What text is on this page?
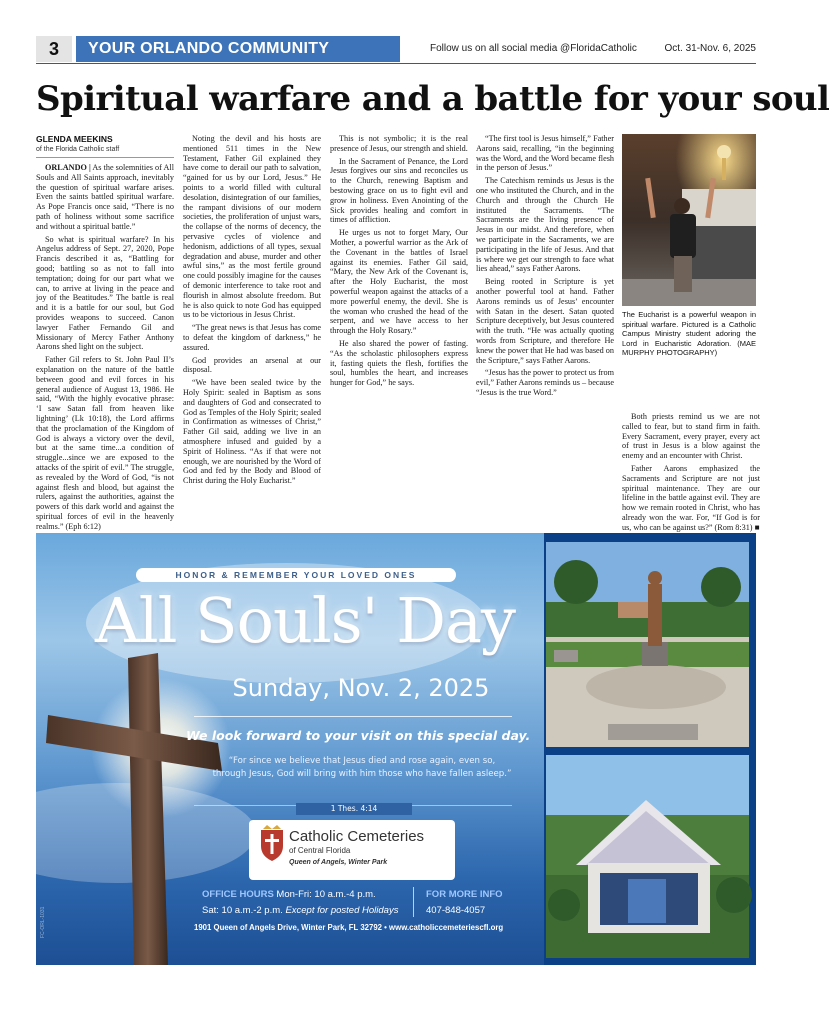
3	YOUR ORLANDO COMMUNITY	Follow us on all social media @FloridaCatholic	Oct. 31-Nov. 6, 2025
Spiritual warfare and a battle for your soul
GLENDA MEEKINS
of the Florida Catholic staff

ORLANDO | As the solemnities of All Souls and All Saints approach, inevitably the question of spiritual warfare arises. Even the saints battled spiritual warfare. As Pope Francis once said, “There is no path of holiness without some sacrifice and without a spiritual battle.”

So what is spiritual warfare? In his Angelus address of Sept. 27, 2020, Pope Francis described it as, “Battling for good; battling so as not to fall into temptation; doing for our part what we can, to arrive at living in the peace and joy of the Beatitudes.” The battle is real and it is a battle for our soul, but God provides weapons to succeed. Canon lawyer Father Fernando Gil and Missionary of Mercy Father Anthony Aarons shed light on the subject.

Father Gil refers to St. John Paul II’s explanation on the nature of the battle between good and evil forces in his general audience of August 13, 1986. He said, “With the highly evocative phrase: ‘I saw Satan fall from heaven like lightning’ (Lk 10:18), the Lord affirms that the proclamation of the Kingdom of God is always a victory over the devil, but at the same time...a condition of struggle...since we are exposed to the attacks of the spirit of evil.” The struggle, as revealed by the Word of God, “is not against flesh and blood, but against the rulers, against the authorities, against the powers of this dark world and against the spiritual forces of evil in the heavenly realms.” (Eph 6:12)

Noting the devil and his hosts are mentioned 511 times in the New Testament, Father Gil explained they have come to derail our path to salvation, “gained for us by our Lord, Jesus.” He points to a world filled with cultural desolation, disintegration of our families, the rampant divisions of our modern societies, the proliferation of unjust wars, the collapse of the norms of decency, the pervasive cycles of violence and hedonism, addictions of all types, sexual degradation and abuse, murder and other awful sins,” as the most fertile ground one could possibly imagine for the causes of demonic interference to take root and flourish in almost absolute freedom. But he is also quick to note God has equipped us to be victorious in Jesus Christ.

“The great news is that Jesus has come to defeat the kingdom of darkness,” he assured.

God provides an arsenal at our disposal.

“We have been sealed twice by the Holy Spirit: sealed in Baptism as sons and daughters of God and consecrated to God as Temples of the Holy Spirit; sealed in Confirmation as witnesses of Christ,” Father Gil said, adding we live in an atmosphere infused and guided by a Spirit of Holiness. “As if that were not enough, we are nourished by the Word of God and fed by the Body and Blood of Christ during the Holy Eucharist.”

This is not symbolic; it is the real presence of Jesus, our strength and shield.

In the Sacrament of Penance, the Lord Jesus forgives our sins and reconciles us to the Church, renewing Baptism and bestowing grace on us to fight evil and grow in holiness. Even Anointing of the Sick provides healing and comfort in times of affliction.

He urges us not to forget Mary, Our Mother, a powerful warrior as the Ark of the Covenant in the battles of Israel against its enemies. Father Gil said, “Mary, the New Ark of the Covenant is, after the Holy Eucharist, the most powerful weapon against the attacks of a more powerful enemy, the devil. She is the woman who crushed the head of the serpent, and we have access to her through the Holy Rosary.”

He also shared the power of fasting. “As the scholastic philosophers express it, fasting quiets the flesh, fortifies the soul, humbles the heart, and increases hunger for God,” he says.

“The first tool is Jesus himself,” Father Aarons said, recalling, “in the beginning was the Word, and the Word became flesh in the person of Jesus.”

The Catechism reminds us Jesus is the one who instituted the Church, and in the Church and through the Church He instituted the Sacraments. “The Sacraments are the living presence of Jesus in our midst. And therefore, when we participate in the Sacraments, we are participating in the life of Jesus. And that is where we get our strength to face what lies ahead,” says Father Aarons.

Being rooted in Scripture is yet another powerful tool at hand. Father Aarons reminds us of Jesus’ encounter with Satan in the desert. Satan quoted Scripture deceptively, but Jesus countered with the truth. “He was actually quoting words from Scripture, and therefore He knew the power that He had was based on the Scripture,” says Father Aarons.

“Jesus has the power to protect us from evil,” Father Aarons reminds us – because “Jesus is the true Word.”

Both priests remind us we are not called to fear, but to stand firm in faith. Every Sacrament, every prayer, every act of trust in Jesus is a blow against the enemy and an encounter with Christ.

Father Aarons emphasized the Sacraments and Scripture are not just spiritual maintenance. They are our lifeline in the battle against evil. They are how we remain rooted in Christ, who has already won the war. For, “If God is for us, who can be against us?” (Rom 8:31) ■

The Eucharist is a powerful weapon in spiritual warfare. Pictured is a Catholic Campus Ministry student adoring the Lord in Eucharistic Adoration. (MAE MURPHY PHOTOGRAPHY)
HONOR & REMEMBER YOUR LOVED ONES
All Souls' Day
Sunday, Nov. 2, 2025
We look forward to your visit on this special day.
“For since we believe that Jesus died and rose again, even so, through Jesus, God will bring with him those who have fallen asleep.”
1 Thes. 4:14
Catholic Cemeteries
of Central Florida
Queen of Angels, Winter Park
OFFICE HOURS Mon-Fri: 10 a.m.-4 p.m.
Sat: 10 a.m.-2 p.m. Except for posted Holidays
FOR MORE INFO
407-848-4057
1901 Queen of Angels Drive, Winter Park, FL 32792 • www.catholiccemeteriescfl.org
FC-ORL-1031
